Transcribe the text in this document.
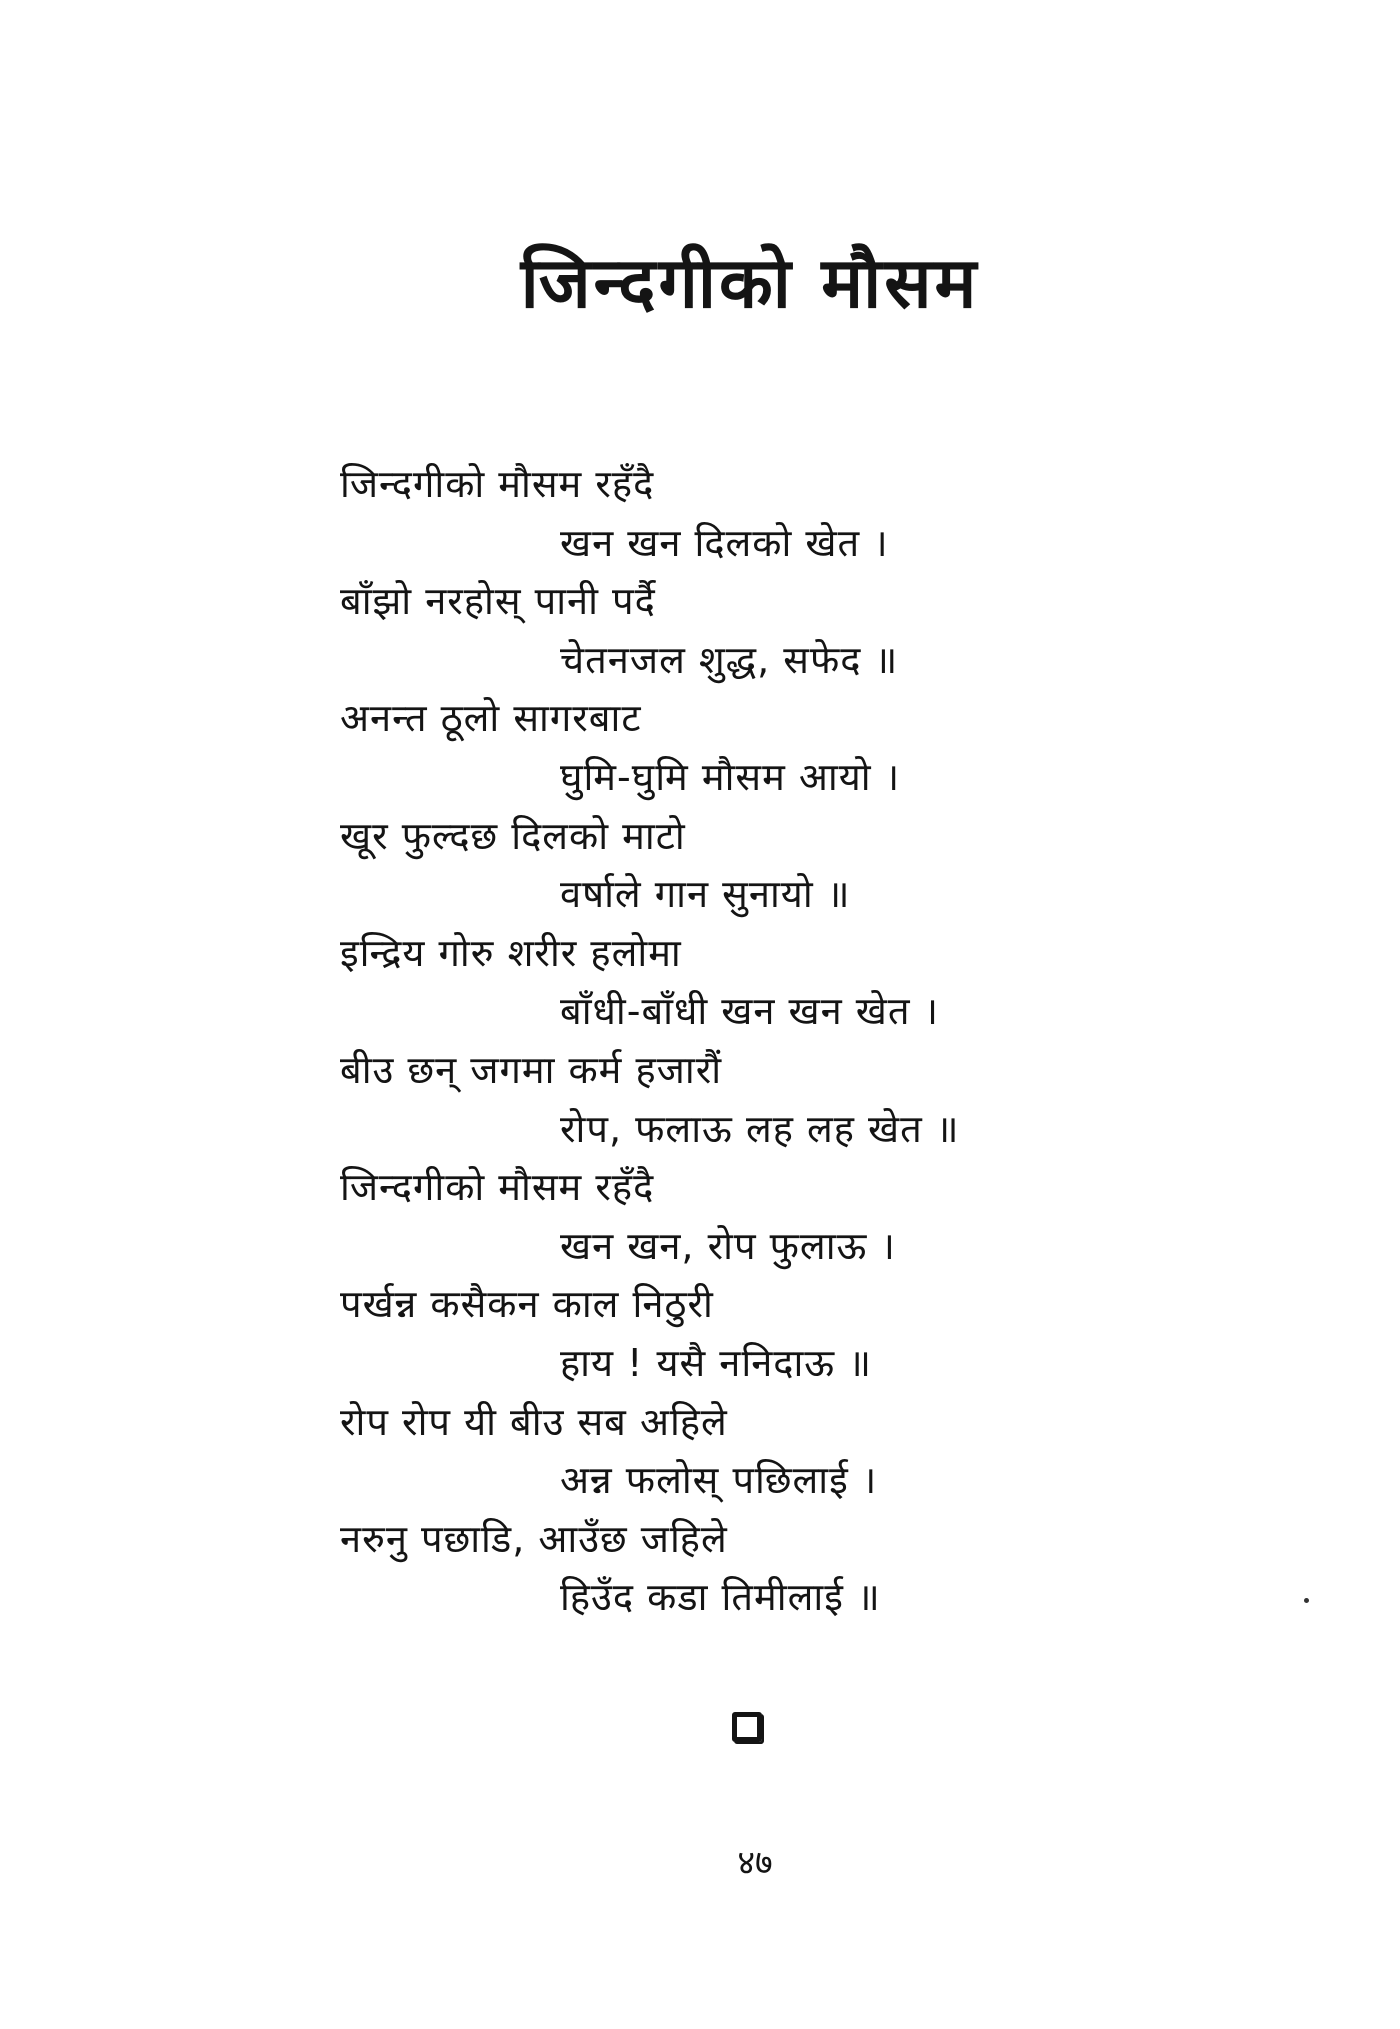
जिन्दगीको मौसम
जिन्दगीको मौसम रहँदै
खन खन दिलको खेत ।
बाँझो नरहोस् पानी पर्दै
चेतनजल शुद्ध, सफेद ॥
अनन्त ठूलो सागरबाट
घुमि-घुमि मौसम आयो ।
खूर फुल्दछ दिलको माटो
वर्षाले गान सुनायो ॥
इन्द्रिय गोरु शरीर हलोमा
बाँधी-बाँधी खन खन खेत ।
बीउ छन् जगमा कर्म हजारौं
रोप, फलाऊ लह लह खेत ॥
जिन्दगीको मौसम रहँदै
खन खन, रोप फुलाऊ ।
पर्खन्न कसैकन काल निठुरी
हाय ! यसै ननिदाऊ ॥
रोप रोप यी बीउ सब अहिले
अन्न फलोस् पछिलाई ।
नरुनु पछाडि, आउँछ जहिले
हिउँद कडा तिमीलाई ॥
४७
